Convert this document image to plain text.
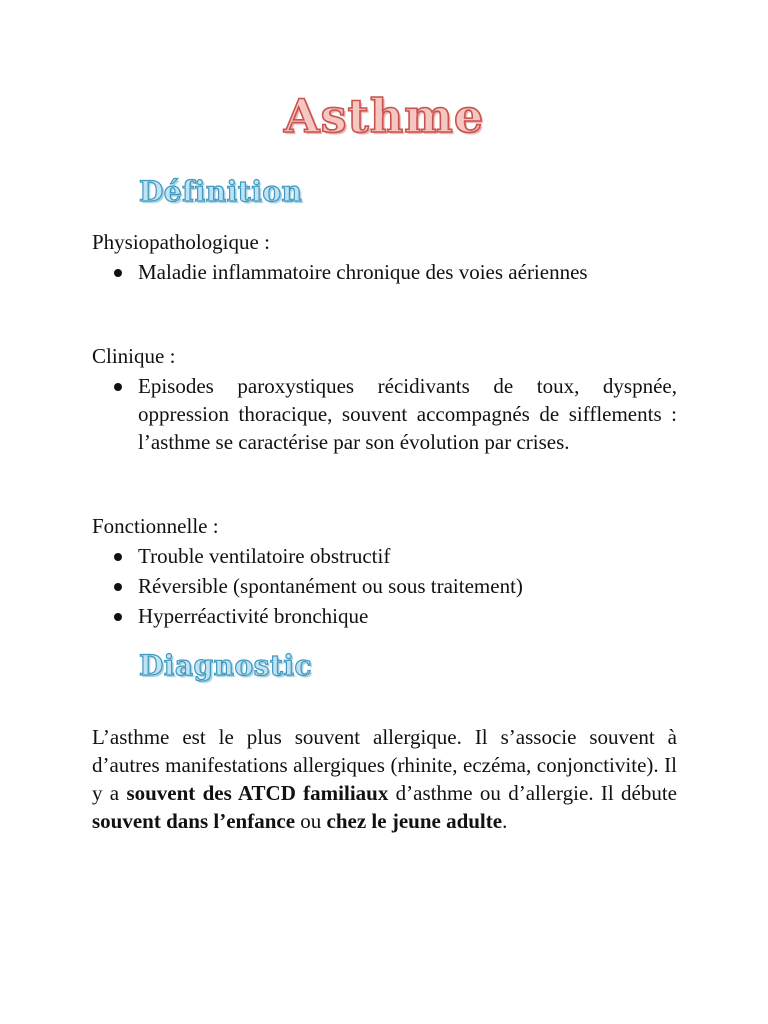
Asthme
Définition

Physiopathologique :

Maladie inflammatoire chronique des voies aériennes

Clinique :

Episodes paroxystiques récidivants de toux, dyspnée, oppression thoracique, souvent accompagnés de sifflements : l’asthme se caractérise par son évolution par crises.

Fonctionnelle :

Trouble ventilatoire obstructif
Réversible (spontanément ou sous traitement)
Hyperréactivité bronchique
Diagnostic

L’asthme est le plus souvent allergique. Il s’associe souvent à d’autres manifestations allergiques (rhinite, eczéma, conjonctivite). Il y a souvent des ATCD familiaux d’asthme ou d’allergie. Il débute souvent dans l’enfance ou chez le jeune adulte.
